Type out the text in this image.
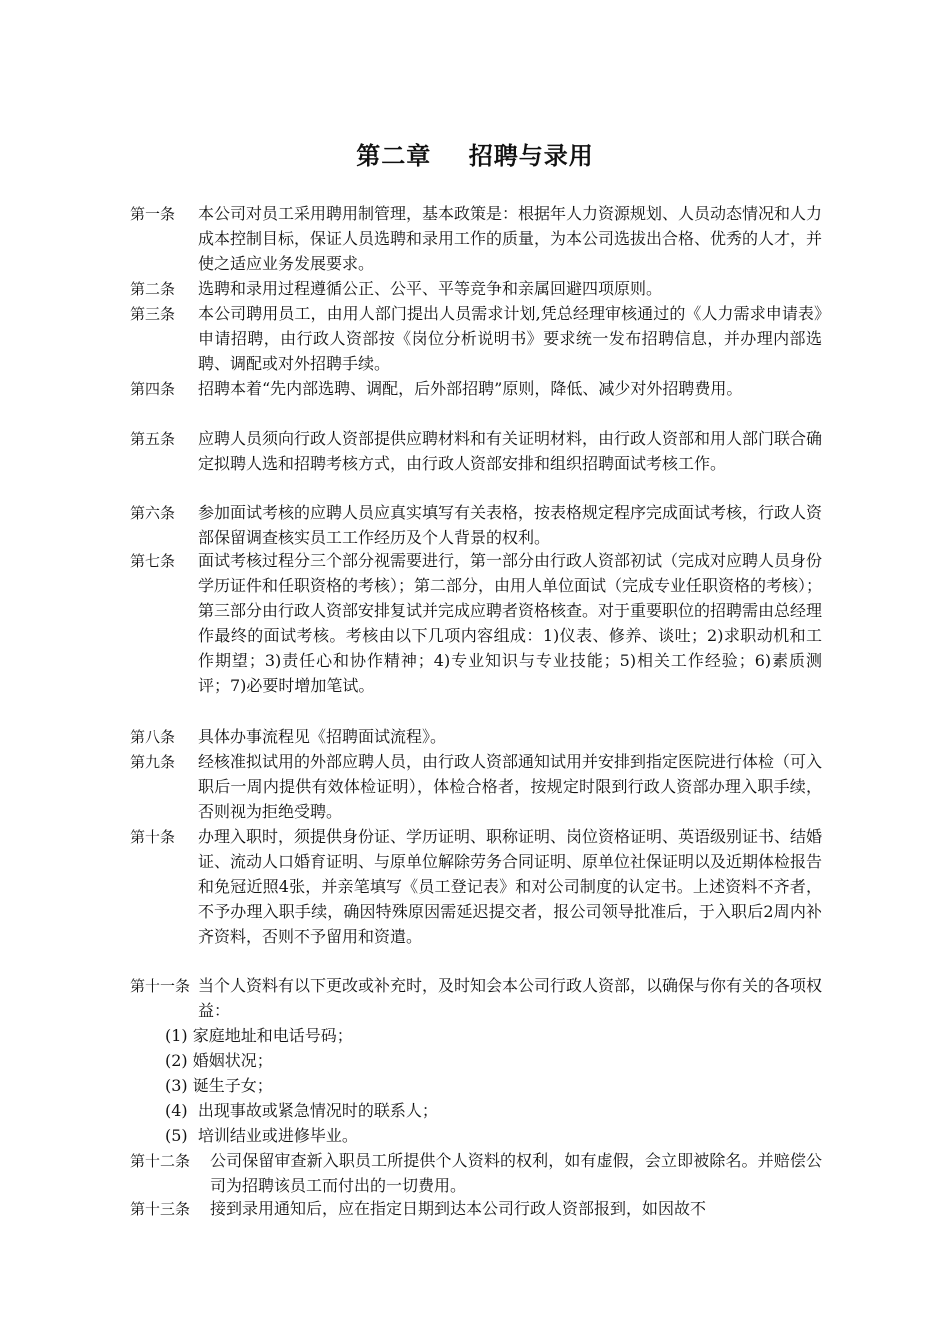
第二章    招聘与录用
第一条 本公司对员工采用聘用制管理，基本政策是：根据年人力资源规划、人员动态情况和人力成本控制目标，保证人员选聘和录用工作的质量，为本公司选拔出合格、优秀的人才，并使之适应业务发展要求。
第二条 选聘和录用过程遵循公正、公平、平等竞争和亲属回避四项原则。
第三条 本公司聘用员工，由用人部门提出人员需求计划,凭总经理审核通过的《人力需求申请表》申请招聘，由行政人资部按《岗位分析说明书》要求统一发布招聘信息，并办理内部选聘、调配或对外招聘手续。
第四条 招聘本着“先内部选聘、调配，后外部招聘”原则，降低、减少对外招聘费用。
第五条 应聘人员须向行政人资部提供应聘材料和有关证明材料，由行政人资部和用人部门联合确定拟聘人选和招聘考核方式，由行政人资部安排和组织招聘面试考核工作。
第六条 参加面试考核的应聘人员应真实填写有关表格，按表格规定程序完成面试考核，行政人资部保留调查核实员工工作经历及个人背景的权利。
第七条 面试考核过程分三个部分视需要进行，第一部分由行政人资部初试（完成对应聘人员身份学历证件和任职资格的考核）；第二部分，由用人单位面试（完成专业任职资格的考核）；第三部分由行政人资部安排复试并完成应聘者资格核查。对于重要职位的招聘需由总经理作最终的面试考核。考核由以下几项内容组成：1)仪表、修养、谈吐；2)求职动机和工作期望；3)责任心和协作精神；4)专业知识与专业技能；5)相关工作经验；6)素质测评；7)必要时增加笔试。
第八条 具体办事流程见《招聘面试流程》。
第九条 经核准拟试用的外部应聘人员，由行政人资部通知试用并安排到指定医院进行体检（可入职后一周内提供有效体检证明），体检合格者，按规定时限到行政人资部办理入职手续，否则视为拒绝受聘。
第十条 办理入职时，须提供身份证、学历证明、职称证明、岗位资格证明、英语级别证书、结婚证、流动人口婚育证明、与原单位解除劳务合同证明、原单位社保证明以及近期体检报告和免冠近照4张，并亲笔填写《员工登记表》和对公司制度的认定书。上述资料不齐者，不予办理入职手续，确因特殊原因需延迟提交者，报公司领导批准后，于入职后2周内补齐资料，否则不予留用和资遣。
第十一条 当个人资料有以下更改或补充时，及时知会本公司行政人资部，以确保与你有关的各项权益：
(1) 家庭地址和电话号码；
(2) 婚姻状况；
(3) 诞生子女；
(4)  出现事故或紧急情况时的联系人；
(5)  培训结业或进修毕业。
第十二条 公司保留审查新入职员工所提供个人资料的权利，如有虚假，会立即被除名。并赔偿公司为招聘该员工而付出的一切费用。
第十三条 接到录用通知后，应在指定日期到达本公司行政人资部报到，如因故不
